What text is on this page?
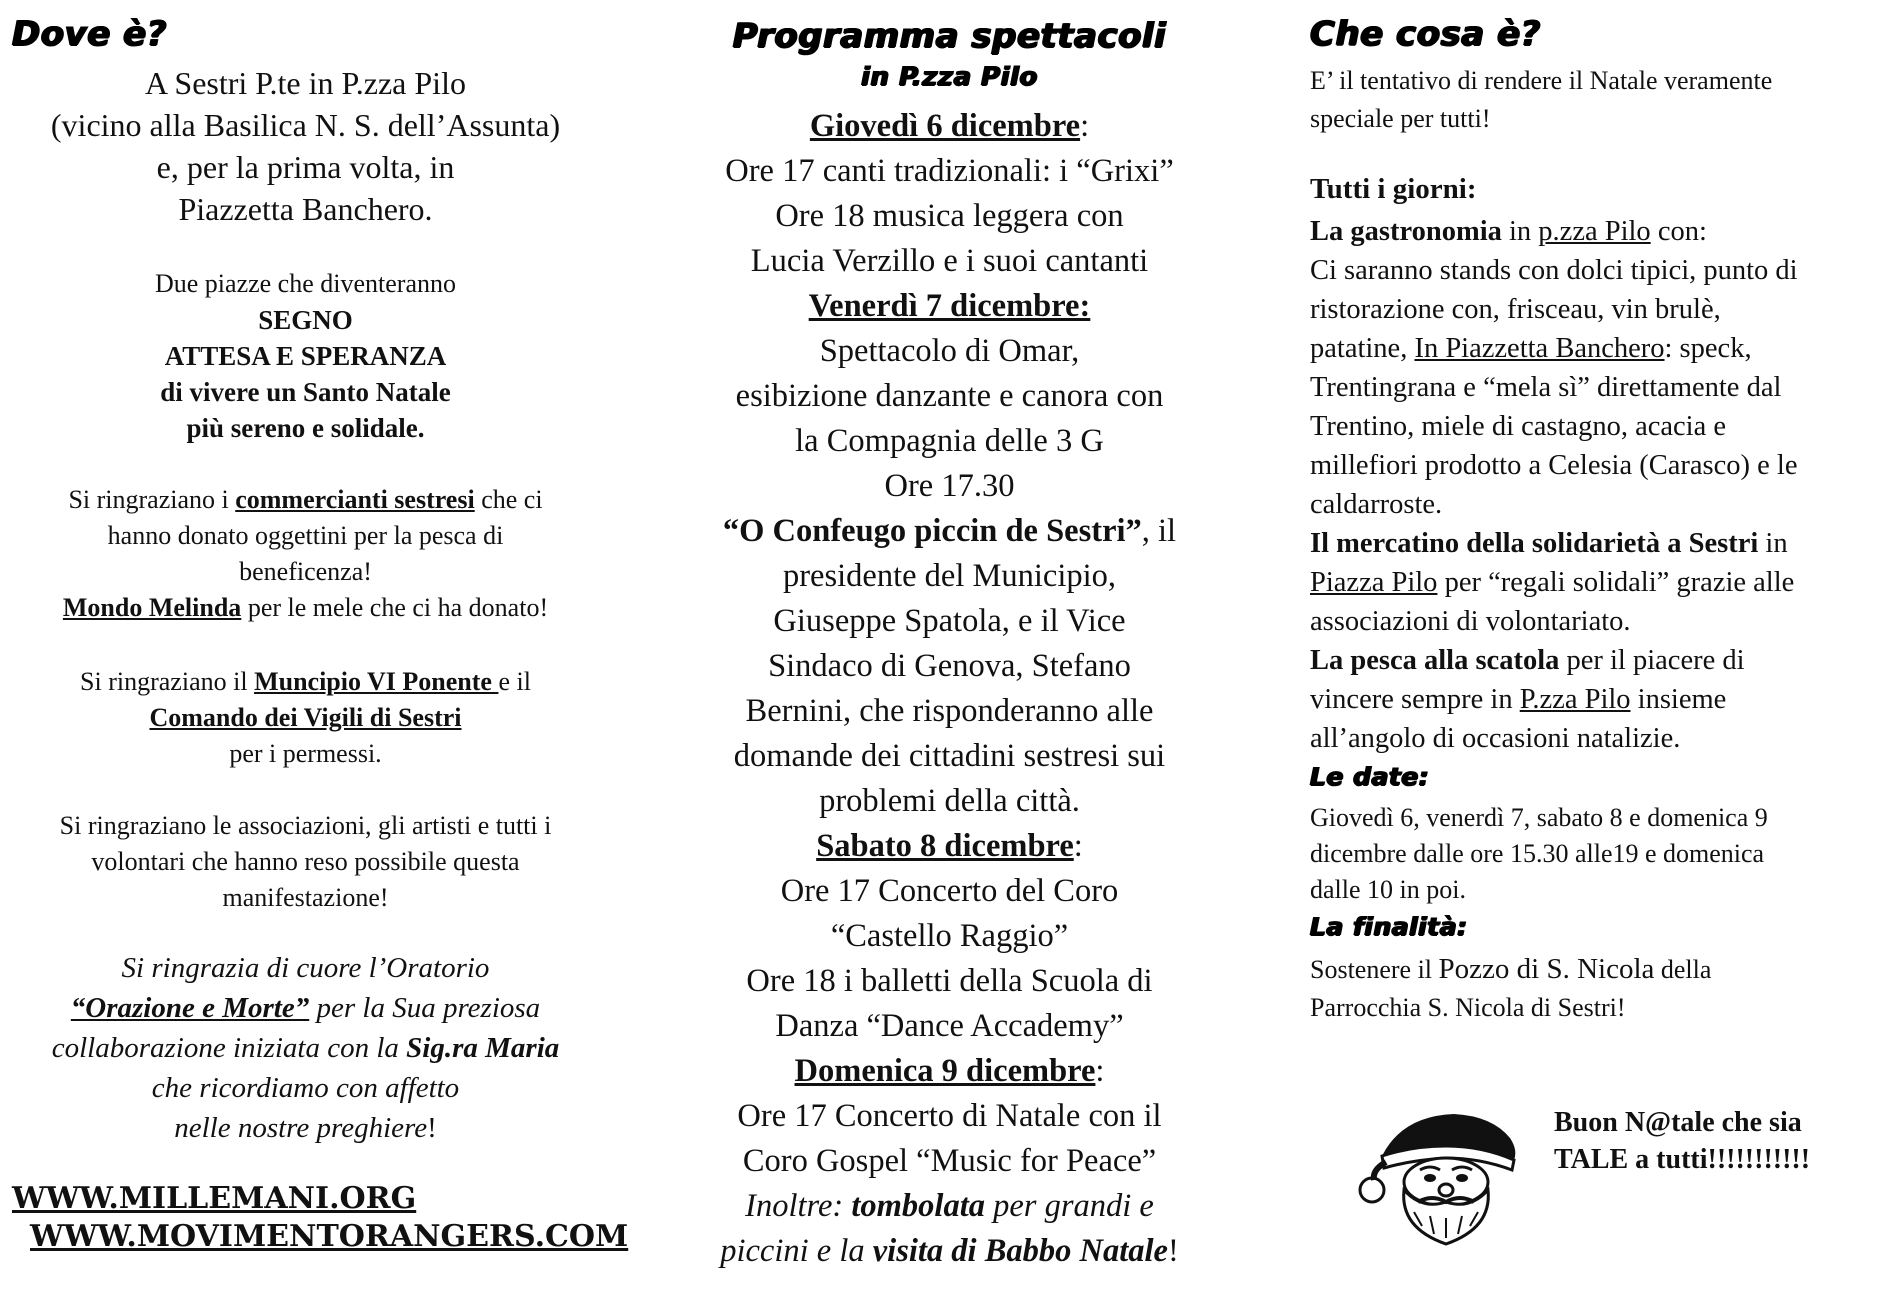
Dove è?
A Sestri P.te in P.zza Pilo
(vicino alla Basilica N. S. dell’Assunta)
e, per la prima volta, in
Piazzetta Banchero.
Due piazze che diventeranno
SEGNO
ATTESA E SPERANZA
di vivere un Santo Natale
più sereno e solidale.
Si ringraziano i commercianti sestresi che ci
hanno donato oggettini per la pesca di
beneficenza!
Mondo Melinda per le mele che ci ha donato!
Si ringraziano il Muncipio VI Ponente e il
Comando dei Vigili di Sestri
per i permessi.
Si ringraziano le associazioni, gli artisti e tutti i
volontari che hanno reso possibile questa
manifestazione!
Si ringrazia di cuore l’Oratorio
“Orazione e Morte” per la Sua preziosa
collaborazione iniziata con la Sig.ra Maria
che ricordiamo con affetto
nelle nostre preghiere!
WWW.MILLEMANI.ORG
WWW.MOVIMENTORANGERS.COM
Programma spettacoli
in P.zza Pilo
Giovedì 6 dicembre:
Ore 17 canti tradizionali: i “Grixi”
Ore 18 musica leggera con
Lucia Verzillo e i suoi cantanti
Venerdì 7 dicembre:
Spettacolo di Omar,
esibizione danzante e canora con
la Compagnia delle 3 G
Ore 17.30
“O Confeugo piccin de Sestri”, il
presidente del Municipio,
Giuseppe Spatola, e il Vice
Sindaco di Genova, Stefano
Bernini, che risponderanno alle
domande dei cittadini sestresi sui
problemi della città.
Sabato 8 dicembre:
Ore 17 Concerto del Coro
“Castello Raggio”
Ore 18 i balletti della Scuola di
Danza “Dance Accademy”
Domenica 9 dicembre:
Ore 17 Concerto di Natale con il
Coro Gospel “Music for Peace”
Inoltre: tombolata per grandi e
piccini e la visita di Babbo Natale!
Che cosa è?
E’ il tentativo di rendere il Natale veramente
speciale per tutti!
Tutti i giorni:
La gastronomia in p.zza Pilo con:
Ci saranno stands con dolci tipici, punto di
ristorazione con, frisceau, vin brulè,
patatine, In Piazzetta Banchero: speck,
Trentingrana e “mela sì” direttamente dal
Trentino, miele di castagno, acacia e
millefiori prodotto a Celesia (Carasco) e le
caldarroste.
Il mercatino della solidarietà a Sestri in
Piazza Pilo per “regali solidali” grazie alle
associazioni di volontariato.
La pesca alla scatola per il piacere di
vincere sempre in P.zza Pilo insieme
all’angolo di occasioni natalizie.
Le date:
Giovedì 6, venerdì 7, sabato 8 e domenica 9
dicembre dalle ore 15.30 alle19 e domenica
dalle 10 in poi.
La finalità:
Sostenere il Pozzo di S. Nicola della
Parrocchia S. Nicola di Sestri!
Buon N@tale che sia
TALE a tutti!!!!!!!!!!!
